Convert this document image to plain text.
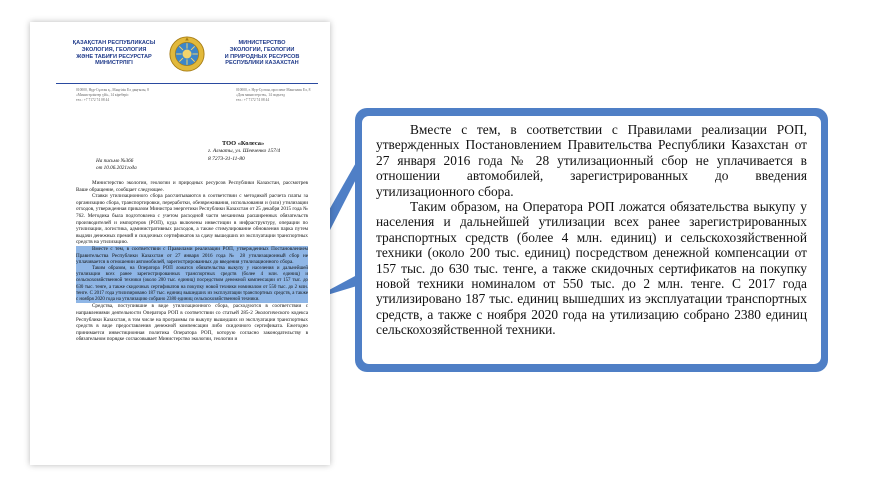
ҚАЗАҚСТАН РЕСПУБЛИКАСЫ
ЭКОЛОГИЯ, ГЕОЛОГИЯ
ЖӘНЕ ТАБИҒИ РЕСУРСТАР
МИНИСТРЛІГІ
МИНИСТЕРСТВО
ЭКОЛОГИИ, ГЕОЛОГИИ
И ПРИРОДНЫХ РЕСУРСОВ
РЕСПУБЛИКИ КАЗАХСТАН
010000, Нұр-Сұлтан қ., Мәңгілік Ел даңғылы, 8
«Министрліктер үйі», 14 кіреберіс
тел.: +7 7172 74 08 44
010000, г. Нур-Султан, проспект Мангилик Ел, 8
«Дом министерств», 14 подъезд
тел.: +7 7172 74 08 44
ТОО «Колеса»
г. Алматы, ул. Шевченко 157/4
8 7273-31-11-80
На письмо №366
от 10.06.2021года

Министерство экологии, геологии и природных ресурсов Республики Казахстан, рассмотрев Ваше обращение, сообщает следующее.

Ставки утилизационного сбора рассчитываются в соответствии с методикой расчета платы за организацию сбора, транспортировки, переработки, обезвреживания, использования и (или) утилизации отходов, утвержденная приказом Министра энергетики Республики Казахстан от 25 декабря 2015 года № 762. Методика была подготовлена с учетом расходной части механизма расширенных обязательств производителей и импортеров (РОП), куда включены инвестиции в инфраструктуру, операции по утилизации, логистика, административных расходов, а также стимулирование обновления парка путем выдачи денежных премий и скидочных сертификатов за сдачу вышедших из эксплуатации транспортных средств на утилизацию.

Вместе с тем, в соответствии с Правилами реализации РОП, утвержденных Постановлением Правительства Республики Казахстан от 27 января 2016 года № 28 утилизационный сбор не уплачивается в отношении автомобилей, зарегистрированных до введения утилизационного сбора.

Таким образом, на Оператора РОП ложатся обязательства выкупу у населения и дальнейшей утилизации всех ранее зарегистрированных транспортных средств (более 4 млн. единиц) и сельскохозяйственной техники (около 200 тыс. единиц) посредством денежной компенсации от 157 тыс. до 630 тыс. тенге, а также скидочных сертификатов на покупку новой техники номиналом от 550 тыс. до 2 млн. тенге. С 2017 года утилизировано 187 тыс. единиц вышедших из эксплуатации транспортных средств, а также с ноября 2020 года на утилизацию собрано 2380 единиц сельскохозяйственной техники.

Средства, поступившие в виде утилизационного сбора, расходуются в соответствии с направлениями деятельности Оператора РОП в соответствии со статьей 285-2 Экологического кодекса Республики Казахстан, в том числе на программы по выкупу вышедших из эксплуатации транспортных средств в виде предоставления денежной компенсации либо скидочного сертификата. Ежегодно принимается инвестиционная политика Оператора РОП, которую согласно законодательству в обязательном порядке согласовывает Министерство экологии, геологии и

Вместе с тем, в соответствии с Правилами реализации РОП, утвержденных Постановлением Правительства Республики Казахстан от 27 января 2016 года № 28 утилизационный сбор не уплачивается в отношении автомобилей, зарегистрированных до введения утилизационного сбора.

Таким образом, на Оператора РОП ложатся обязательства выкупу у населения и дальнейшей утилизации всех ранее зарегистрированных транспортных средств (более 4 млн. единиц) и сельскохозяйственной техники (около 200 тыс. единиц) посредством денежной компенсации от 157 тыс. до 630 тыс. тенге, а также скидочных сертификатов на покупку новой техники номиналом от 550 тыс. до 2 млн. тенге. С 2017 года утилизировано 187 тыс. единиц вышедших из эксплуатации транспортных средств, а также с ноября 2020 года на утилизацию собрано 2380 единиц сельскохозяйственной техники.
